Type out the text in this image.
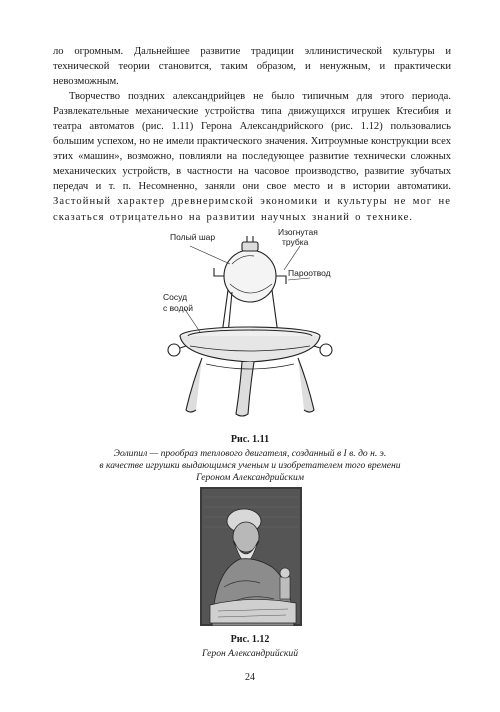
ло огромным. Дальнейшее развитие традиции эллинистической культуры и технической теории становится, таким образом, и ненужным, и практически невозможным.

Творчество поздних александрийцев не было типичным для этого периода. Развлекательные механические устройства типа движущихся игрушек Ктесибия и театра автоматов (рис. 1.11) Герона Александрийского (рис. 1.12) пользовались большим успехом, но не имели практического значения. Хитроумные конструкции всех этих «машин», возможно, повлияли на последующее развитие технически сложных механических устройств, в частности на часовое производство, развитие зубчатых передач и т. п. Несомненно, заняли они свое место и в истории автоматики. Застойный характер древнеримской экономики и культуры не мог не сказаться отрицательно на развитии научных знаний о технике.

Полый шар	Изогнутая
трубка
Пароотвод
Сосуд
с водой
Рис. 1.11
Эолипил — прообраз теплового двигателя, созданный в I в. до н. э.
в качестве игрушки выдающимся ученым и изобретателем того времени
Героном Александрийским
Рис. 1.12
Герон Александрийский
24
